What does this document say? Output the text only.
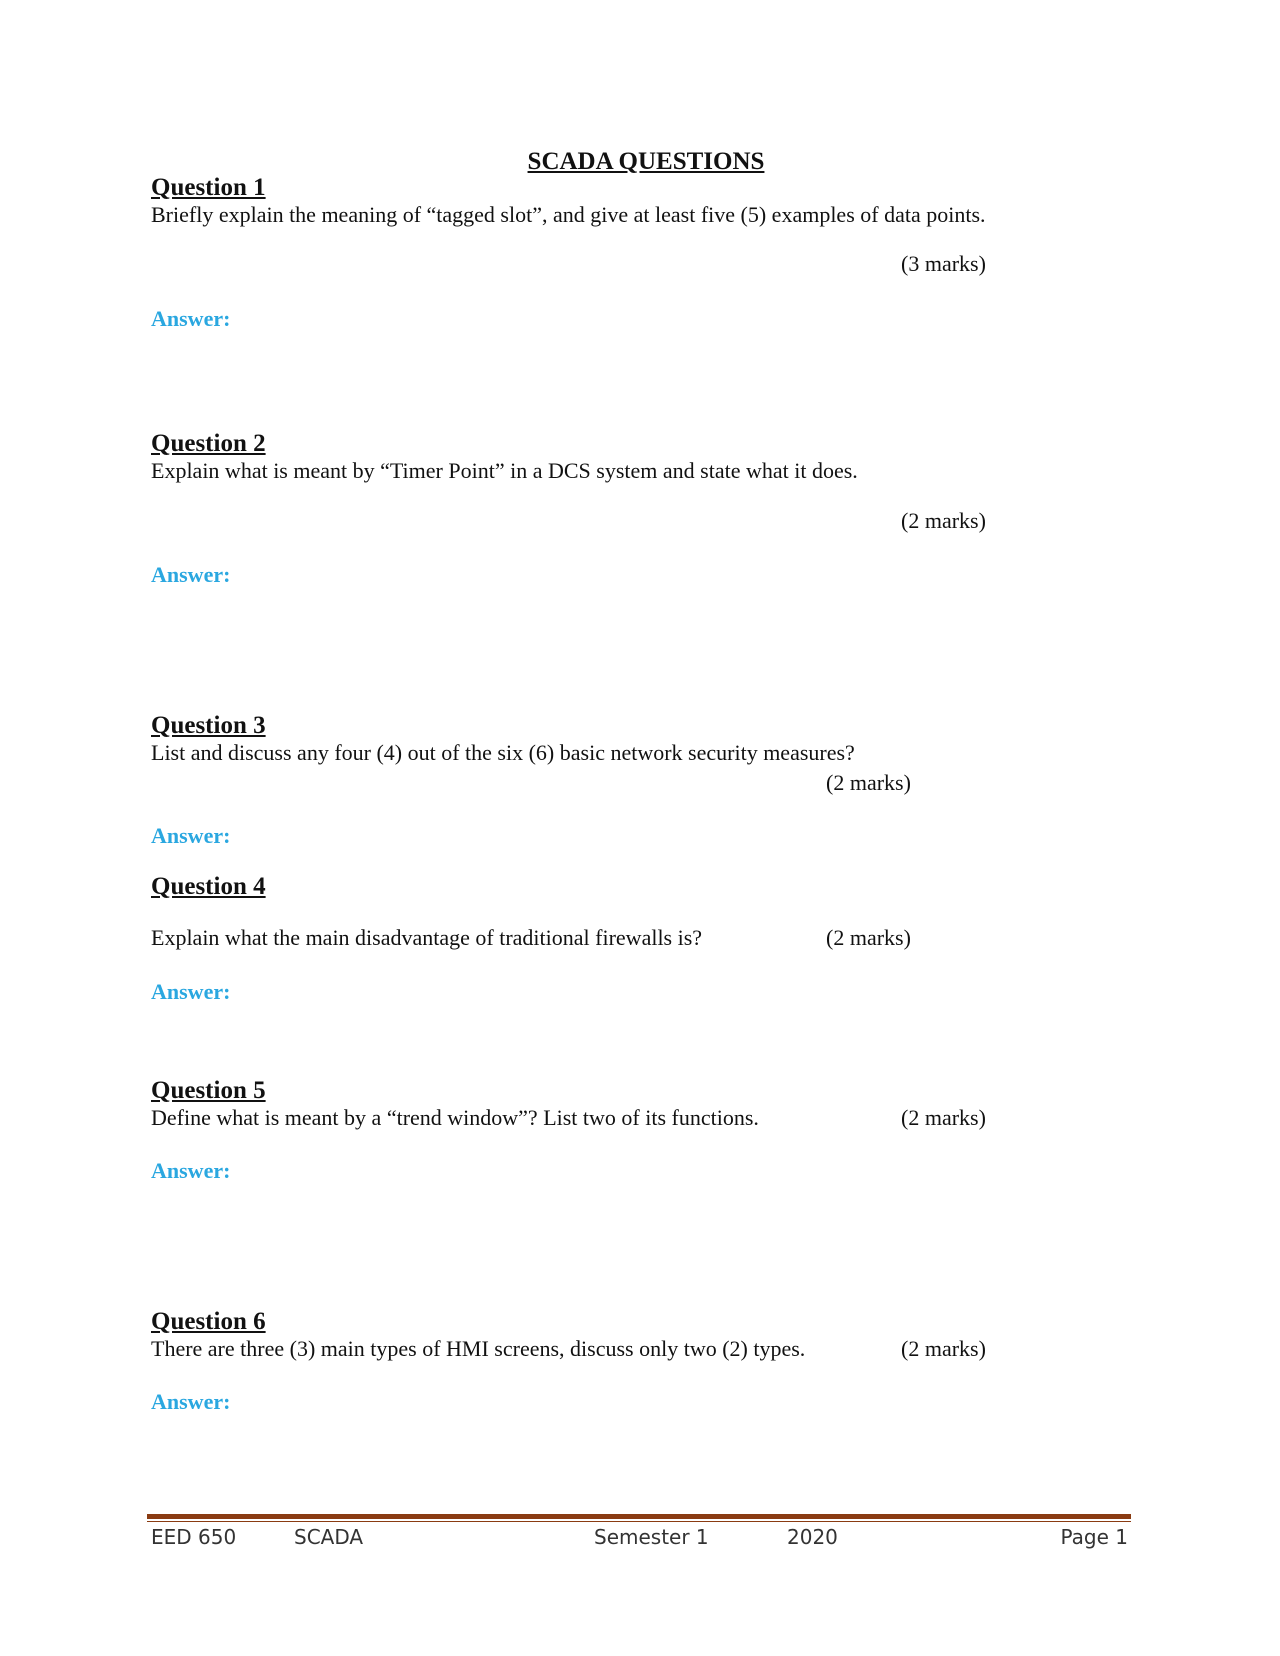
SCADA QUESTIONS
Question 1
Briefly explain the meaning of “tagged slot”, and give at least five (5) examples of data points.
(3 marks)
Answer:
Question 2
Explain what is meant by “Timer Point” in a DCS system and state what it does.
(2 marks)
Answer:
Question 3
List and discuss any four (4) out of the six (6) basic network security measures?
(2 marks)
Answer:
Question 4
Explain what the main disadvantage of traditional firewalls is?	(2 marks)
Answer:
Question 5
Define what is meant by a “trend window”? List two of its functions.	(2 marks)
Answer:
Question 6
There are three (3) main types of HMI screens, discuss only two (2) types.	(2 marks)
Answer:
EED 650	SCADA	Semester 1	2020	Page 1
